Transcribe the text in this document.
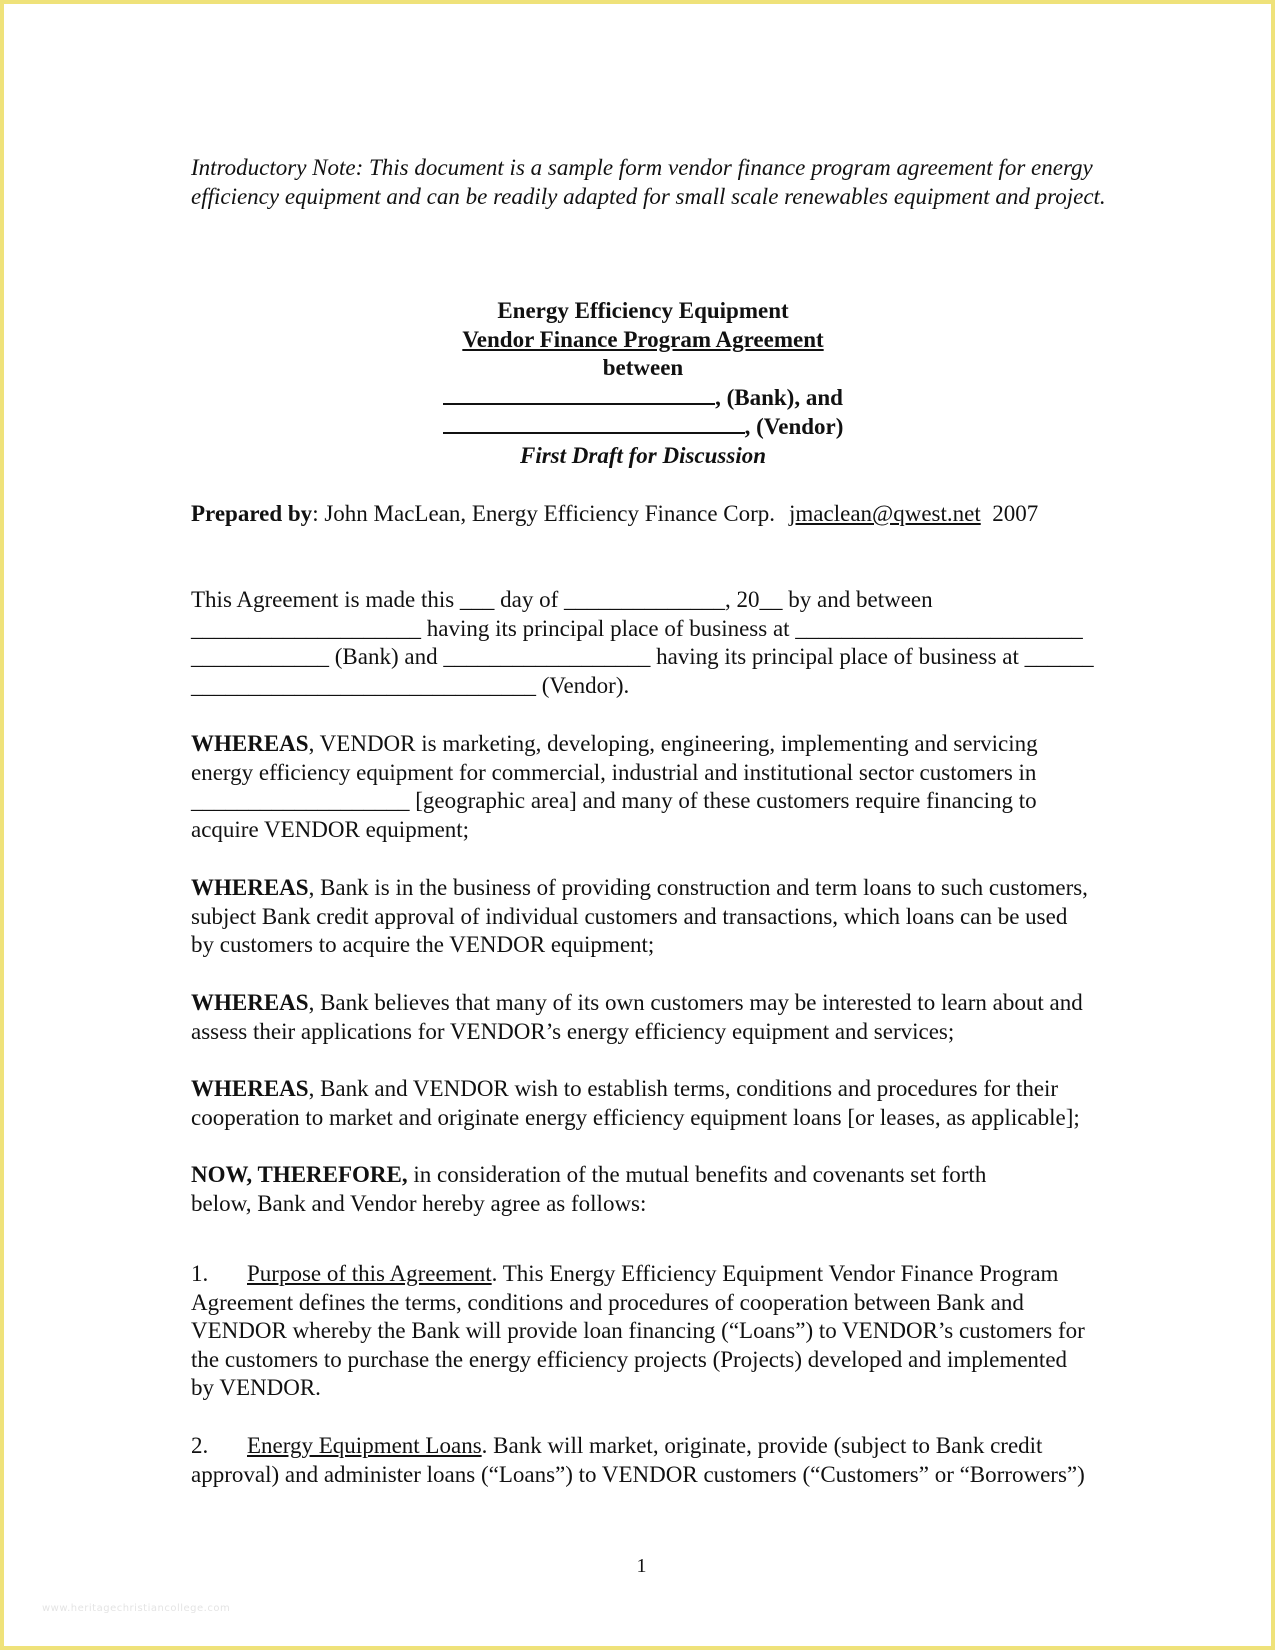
Introductory Note: This document is a sample form vendor finance program agreement for energy efficiency equipment and can be readily adapted for small scale renewables equipment and project.
Energy Efficiency Equipment
Vendor Finance Program Agreement
between
, (Bank), and
, (Vendor)
First Draft for Discussion
Prepared by: John MacLean, Energy Efficiency Finance Corp. jmaclean@qwest.net 2007
This Agreement is made this ___ day of ______________, 20__ by and between
____________________ having its principal place of business at _________________________
____________ (Bank) and __________________ having its principal place of business at ______
______________________________ (Vendor).
WHEREAS, VENDOR is marketing, developing, engineering, implementing and servicing
energy efficiency equipment for commercial, industrial and institutional sector customers in
___________________ [geographic area] and many of these customers require financing to
acquire VENDOR equipment;
WHEREAS, Bank is in the business of providing construction and term loans to such customers,
subject Bank credit approval of individual customers and transactions, which loans can be used
by customers to acquire the VENDOR equipment;
WHEREAS, Bank believes that many of its own customers may be interested to learn about and
assess their applications for VENDOR’s energy efficiency equipment and services;
WHEREAS, Bank and VENDOR wish to establish terms, conditions and procedures for their
cooperation to market and originate energy efficiency equipment loans [or leases, as applicable];
NOW, THEREFORE, in consideration of the mutual benefits and covenants set forth
below, Bank and Vendor hereby agree as follows:
1. Purpose of this Agreement. This Energy Efficiency Equipment Vendor Finance Program
Agreement defines the terms, conditions and procedures of cooperation between Bank and
VENDOR whereby the Bank will provide loan financing (“Loans”) to VENDOR’s customers for
the customers to purchase the energy efficiency projects (Projects) developed and implemented
by VENDOR.
2. Energy Equipment Loans. Bank will market, originate, provide (subject to Bank credit
approval) and administer loans (“Loans”) to VENDOR customers (“Customers” or “Borrowers”)
1
www.heritagechristiancollege.com
